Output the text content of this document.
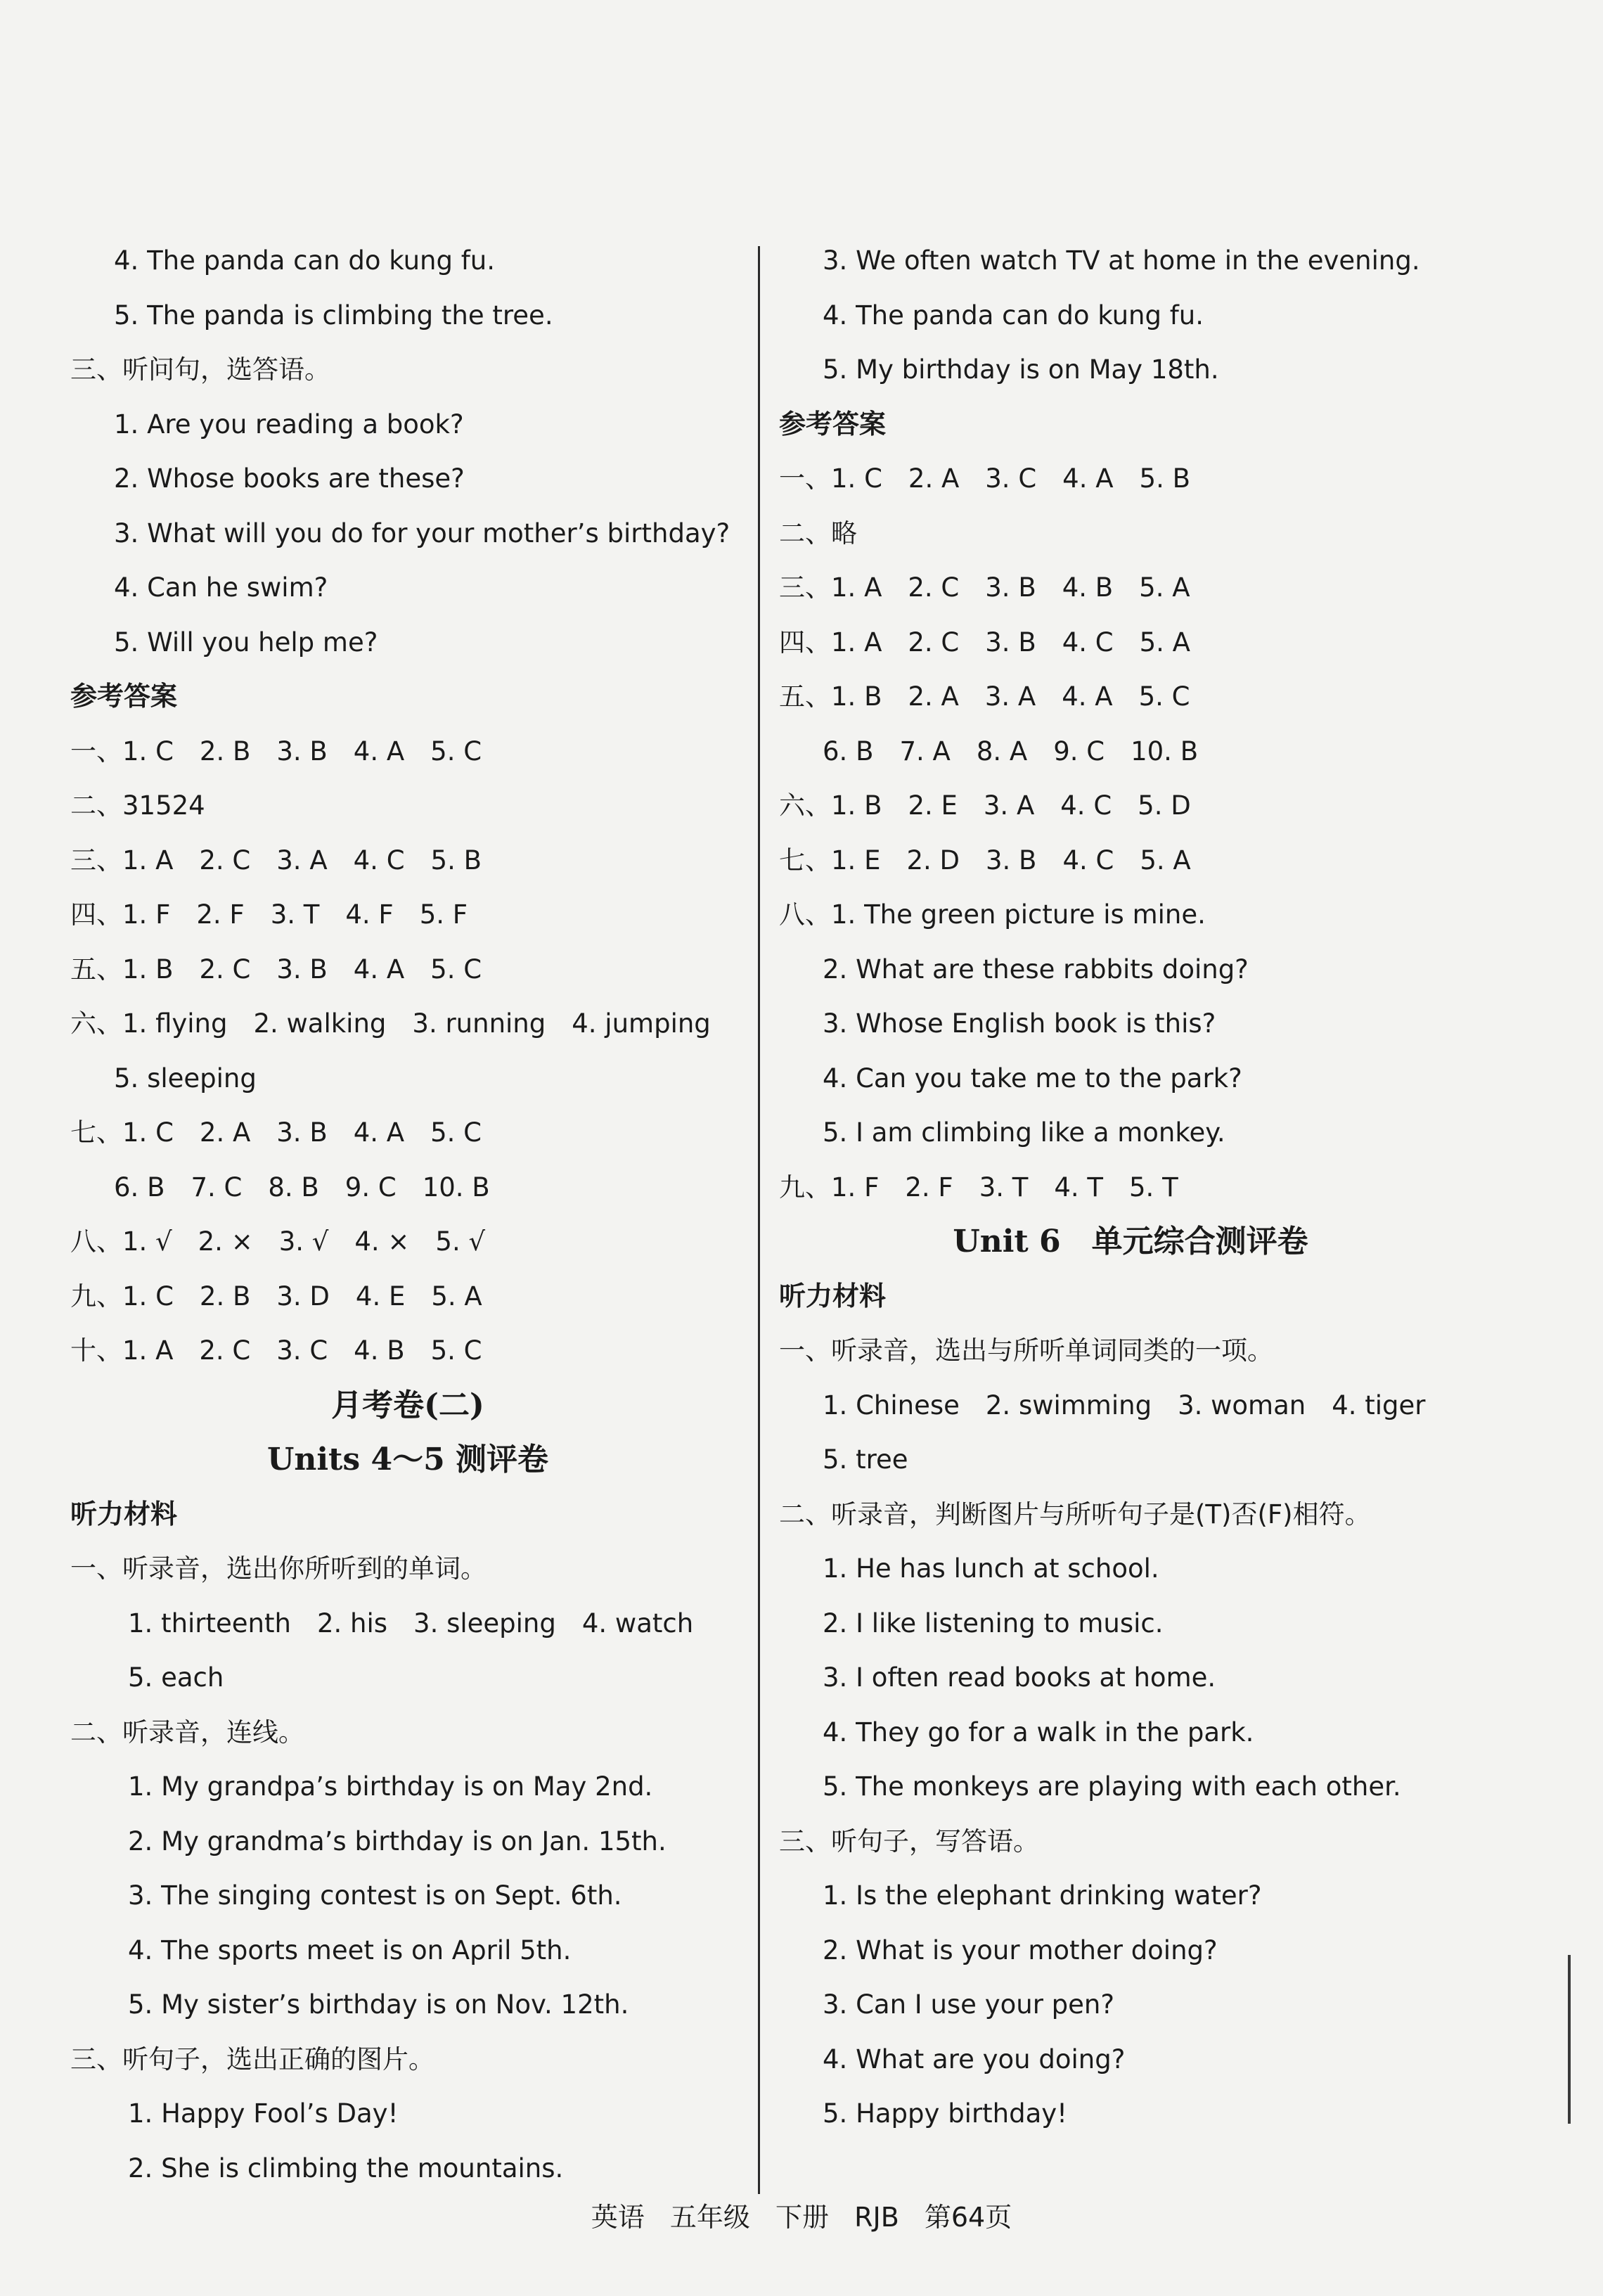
4. The panda can do kung fu.
5. The panda is climbing the tree.
三、听问句，选答语。
1. Are you reading a book?
2. Whose books are these?
3. What will you do for your mother’s birthday?
4. Can he swim?
5. Will you help me?
参考答案
一、1. C　2. B　3. B　4. A　5. C
二、31524
三、1. A　2. C　3. A　4. C　5. B
四、1. F　2. F　3. T　4. F　5. F
五、1. B　2. C　3. B　4. A　5. C
六、1. flying　2. walking　3. running　4. jumping
5. sleeping
七、1. C　2. A　3. B　4. A　5. C
6. B　7. C　8. B　9. C　10. B
八、1. √　2. ×　3. √　4. ×　5. √
九、1. C　2. B　3. D　4. E　5. A
十、1. A　2. C　3. C　4. B　5. C
月考卷(二)
Units 4～5 测评卷
听力材料
一、听录音，选出你所听到的单词。
1. thirteenth　2. his　3. sleeping　4. watch
5. each
二、听录音，连线。
1. My grandpa’s birthday is on May 2nd.
2. My grandma’s birthday is on Jan. 15th.
3. The singing contest is on Sept. 6th.
4. The sports meet is on April 5th.
5. My sister’s birthday is on Nov. 12th.
三、听句子，选出正确的图片。
1. Happy Fool’s Day!
2. She is climbing the mountains.
3. We often watch TV at home in the evening.
4. The panda can do kung fu.
5. My birthday is on May 18th.
参考答案
一、1. C　2. A　3. C　4. A　5. B
二、略
三、1. A　2. C　3. B　4. B　5. A
四、1. A　2. C　3. B　4. C　5. A
五、1. B　2. A　3. A　4. A　5. C
6. B　7. A　8. A　9. C　10. B
六、1. B　2. E　3. A　4. C　5. D
七、1. E　2. D　3. B　4. C　5. A
八、1. The green picture is mine.
2. What are these rabbits doing?
3. Whose English book is this?
4. Can you take me to the park?
5. I am climbing like a monkey.
九、1. F　2. F　3. T　4. T　5. T
Unit 6　单元综合测评卷
听力材料
一、听录音，选出与所听单词同类的一项。
1. Chinese　2. swimming　3. woman　4. tiger
5. tree
二、听录音，判断图片与所听句子是(T)否(F)相符。
1. He has lunch at school.
2. I like listening to music.
3. I often read books at home.
4. They go for a walk in the park.
5. The monkeys are playing with each other.
三、听句子，写答语。
1. Is the elephant drinking water?
2. What is your mother doing?
3. Can I use your pen?
4. What are you doing?
5. Happy birthday!
英语 五年级 下册 RJB 第64页
